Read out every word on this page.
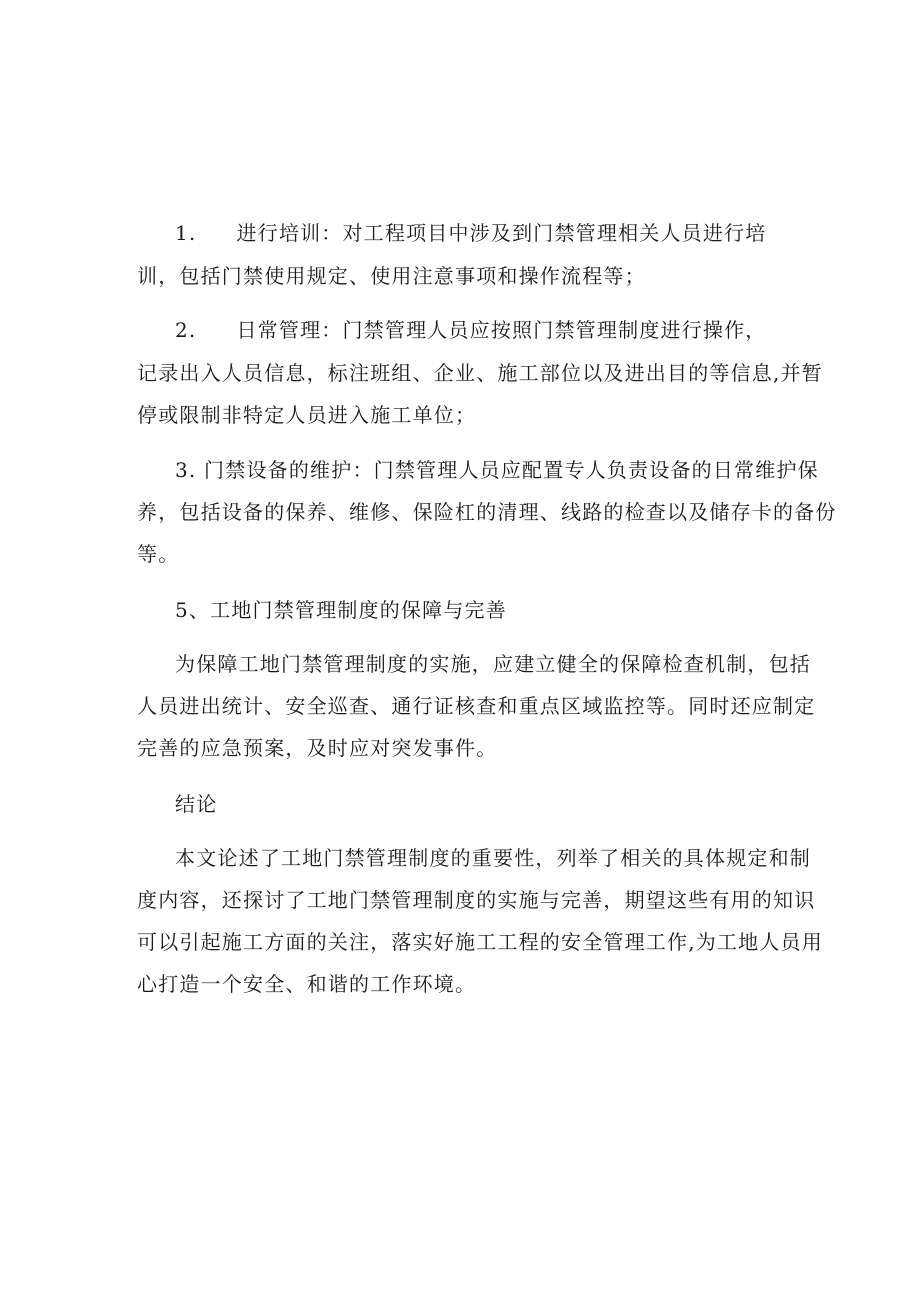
1. 进行培训：对工程项目中涉及到门禁管理相关人员进行培
训，包括门禁使用规定、使用注意事项和操作流程等；
2. 日常管理：门禁管理人员应按照门禁管理制度进行操作，
记录出入人员信息，标注班组、企业、施工部位以及进出目的等信息,并暂
停或限制非特定人员进入施工单位；
3. 门禁设备的维护：门禁管理人员应配置专人负责设备的日常维护保
养，包括设备的保养、维修、保险杠的清理、线路的检查以及储存卡的备份
等。
5、工地门禁管理制度的保障与完善
为保障工地门禁管理制度的实施，应建立健全的保障检查机制，包括
人员进出统计、安全巡查、通行证核查和重点区域监控等。同时还应制定
完善的应急预案，及时应对突发事件。
结论
本文论述了工地门禁管理制度的重要性，列举了相关的具体规定和制
度内容，还探讨了工地门禁管理制度的实施与完善，期望这些有用的知识
可以引起施工方面的关注，落实好施工工程的安全管理工作,为工地人员用
心打造一个安全、和谐的工作环境。
